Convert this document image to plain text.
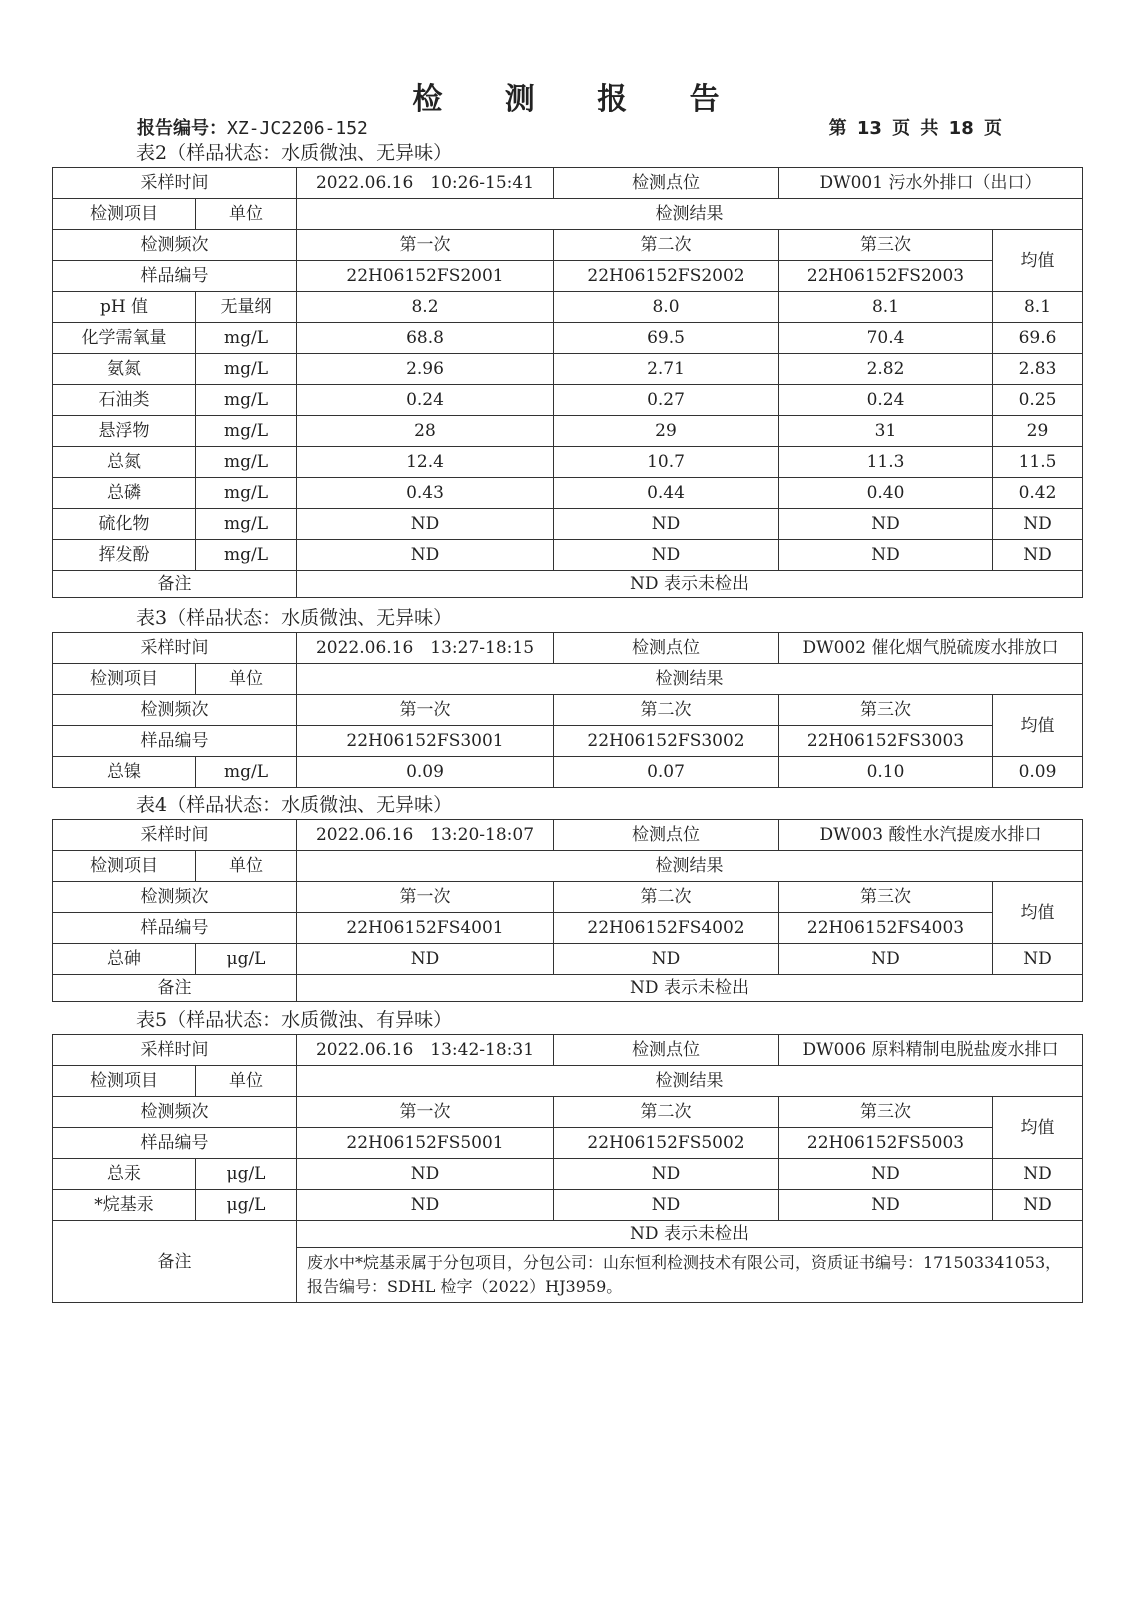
检 测 报 告
报告编号：XZ-JC2206-152	第 13 页 共 18 页
表2（样品状态：水质微浊、无异味）
采样时间		2022.06.16　10:26-15:41	检测点位	DW001 污水外排口（出口）	
检测项目	单位	检测结果			
检测频次		第一次	第二次	第三次	均值
样品编号		22H06152FS2001	22H06152FS2002	22H06152FS2003	
pH 值	无量纲	8.2	8.0	8.1	8.1
化学需氧量	mg/L	68.8	69.5	70.4	69.6
氨氮	mg/L	2.96	2.71	2.82	2.83
石油类	mg/L	0.24	0.27	0.24	0.25
悬浮物	mg/L	28	29	31	29
总氮	mg/L	12.4	10.7	11.3	11.5
总磷	mg/L	0.43	0.44	0.40	0.42
硫化物	mg/L	ND	ND	ND	ND
挥发酚	mg/L	ND	ND	ND	ND
备注		ND 表示未检出			
表3（样品状态：水质微浊、无异味）
采样时间		2022.06.16　13:27-18:15	检测点位	DW002 催化烟气脱硫废水排放口	
检测项目	单位	检测结果			
检测频次		第一次	第二次	第三次	均值
样品编号		22H06152FS3001	22H06152FS3002	22H06152FS3003	
总镍	mg/L	0.09	0.07	0.10	0.09
表4（样品状态：水质微浊、无异味）
采样时间		2022.06.16　13:20-18:07	检测点位	DW003 酸性水汽提废水排口	
检测项目	单位	检测结果			
检测频次		第一次	第二次	第三次	均值
样品编号		22H06152FS4001	22H06152FS4002	22H06152FS4003	
总砷	μg/L	ND	ND	ND	ND
备注		ND 表示未检出			
表5（样品状态：水质微浊、有异味）
采样时间		2022.06.16　13:42-18:31	检测点位	DW006 原料精制电脱盐废水排口	
检测项目	单位	检测结果			
检测频次		第一次	第二次	第三次	均值
样品编号		22H06152FS5001	22H06152FS5002	22H06152FS5003	
总汞	μg/L	ND	ND	ND	ND
*烷基汞	μg/L	ND	ND	ND	ND
备注		ND 表示未检出			
		废水中*烷基汞属于分包项目，分包公司：山东恒利检测技术有限公司，资质证书编号：171503341053，报告编号：SDHL 检字（2022）HJ3959。			
